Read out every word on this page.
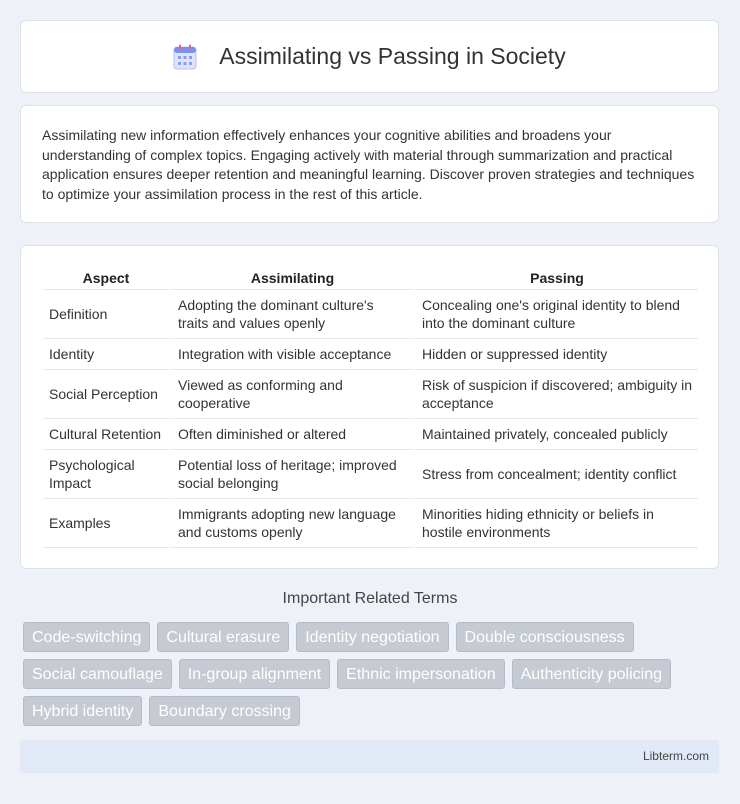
Assimilating vs Passing in Society

Assimilating new information effectively enhances your cognitive abilities and broadens your understanding of complex topics. Engaging actively with material through summarization and practical application ensures deeper retention and meaningful learning. Discover proven strategies and techniques to optimize your assimilation process in the rest of this article.

Aspect	Assimilating	Passing
Definition	Adopting the dominant culture's traits and values openly	Concealing one's original identity to blend into the dominant culture
Identity	Integration with visible acceptance	Hidden or suppressed identity
Social Perception	Viewed as conforming and cooperative	Risk of suspicion if discovered; ambiguity in acceptance
Cultural Retention	Often diminished or altered	Maintained privately, concealed publicly
Psychological Impact	Potential loss of heritage; improved social belonging	Stress from concealment; identity conflict
Examples	Immigrants adopting new language and customs openly	Minorities hiding ethnicity or beliefs in hostile environments
Important Related Terms
Code-switching	Cultural erasure	Identity negotiation	Double consciousness
Social camouflage	In-group alignment	Ethnic impersonation	Authenticity policing
Hybrid identity	Boundary crossing
Libterm.com
